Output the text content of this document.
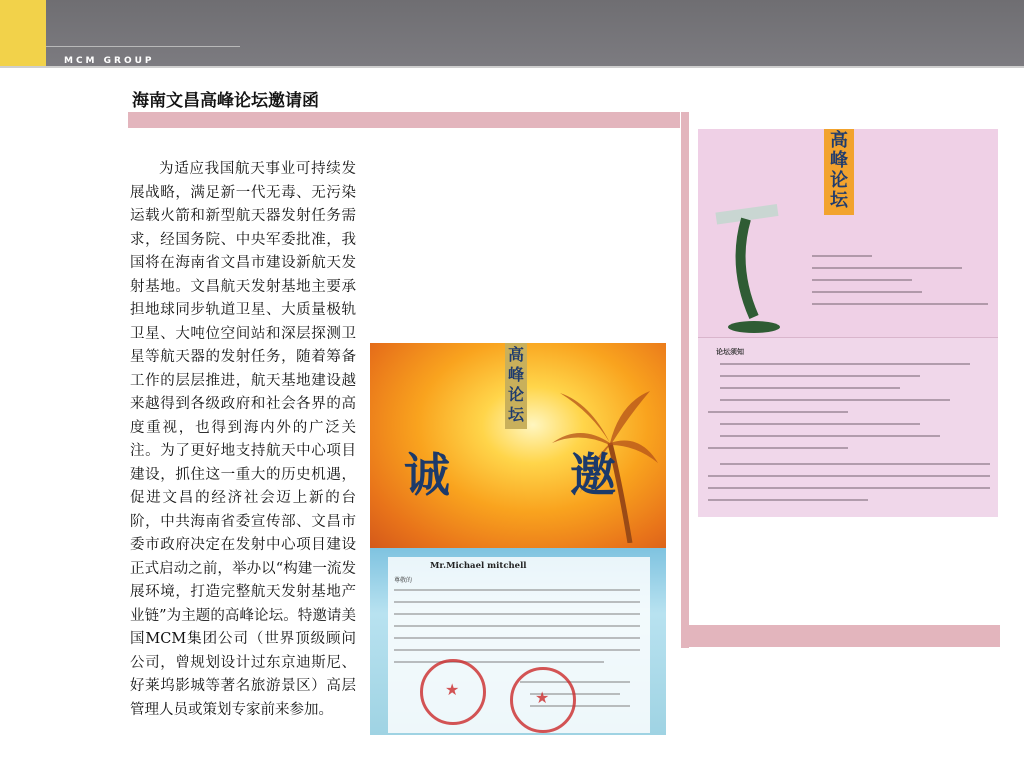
MCM GROUP
海南文昌高峰论坛邀请函
为适应我国航天事业可持续发展战略，满足新一代无毒、无污染运载火箭和新型航天器发射任务需求，经国务院、中央军委批准，我国将在海南省文昌市建设新航天发射基地。文昌航天发射基地主要承担地球同步轨道卫星、大质量极轨卫星、大吨位空间站和深层探测卫星等航天器的发射任务，随着筹备工作的层层推进，航天基地建设越来越得到各级政府和社会各界的高度重视，也得到海内外的广泛关注。为了更好地支持航天中心项目建设，抓住这一重大的历史机遇，促进文昌的经济社会迈上新的台阶，中共海南省委宣传部、文昌市委市政府决定在发射中心项目建设正式启动之前，举办以“构建一流发展环境，打造完整航天发射基地产业链”为主题的高峰论坛。特邀请美国MCM集团公司（世界顶级顾问公司，曾规划设计过东京迪斯尼、好莱坞影城等著名旅游景区）高层管理人员或策划专家前来参加。
高峰论坛
诚	邀
Mr.Michael mitchell
尊敬的
★	★
高峰论坛
论坛须知
